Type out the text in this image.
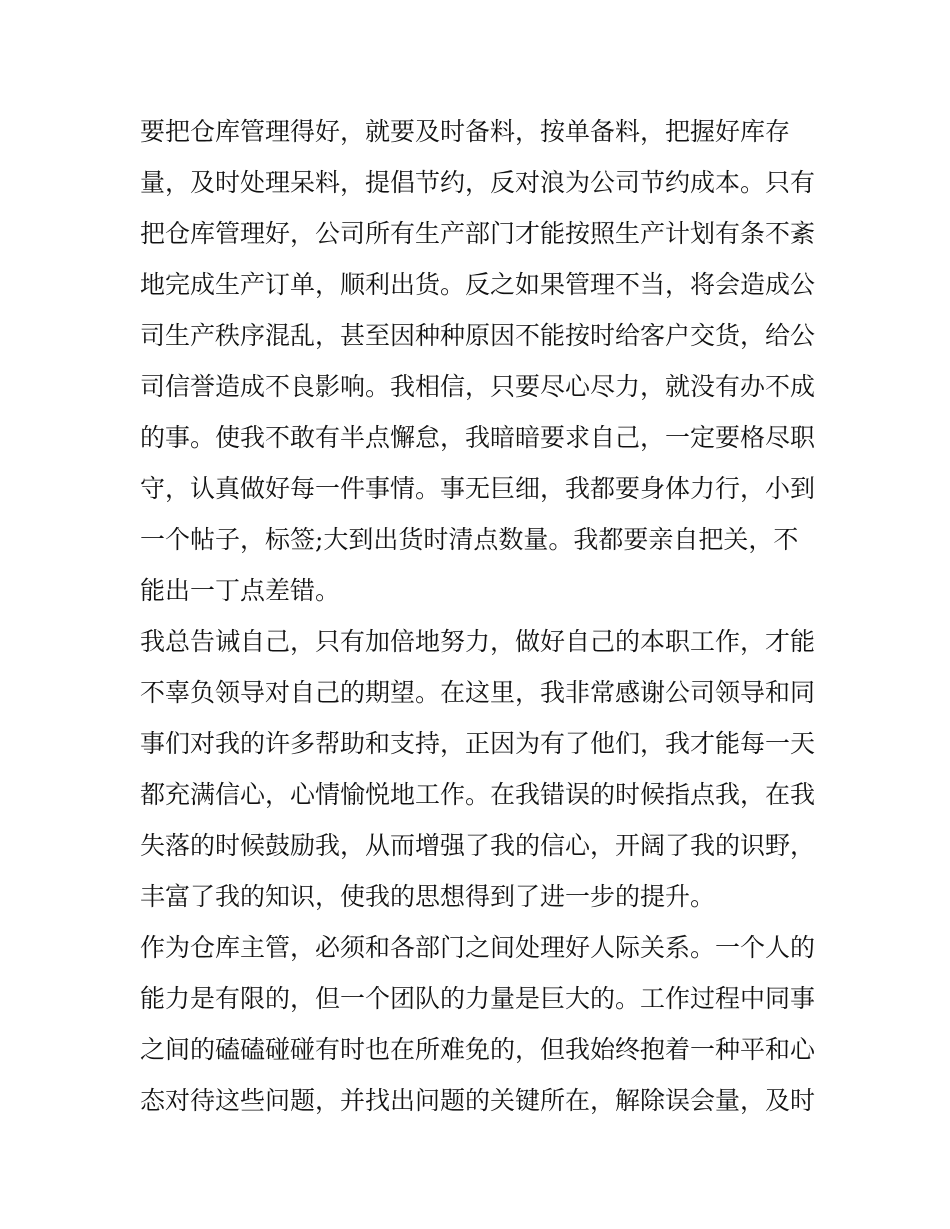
要把仓库管理得好，就要及时备料，按单备料，把握好库存
量，及时处理呆料，提倡节约，反对浪为公司节约成本。只有
把仓库管理好，公司所有生产部门才能按照生产计划有条不紊
地完成生产订单，顺利出货。反之如果管理不当，将会造成公
司生产秩序混乱，甚至因种种原因不能按时给客户交货，给公
司信誉造成不良影响。我相信，只要尽心尽力，就没有办不成
的事。使我不敢有半点懈怠，我暗暗要求自己，一定要格尽职
守，认真做好每一件事情。事无巨细，我都要身体力行，小到
一个帖子，标签;大到出货时清点数量。我都要亲自把关，不
能出一丁点差错。
我总告诫自己，只有加倍地努力，做好自己的本职工作，才能
不辜负领导对自己的期望。在这里，我非常感谢公司领导和同
事们对我的许多帮助和支持，正因为有了他们，我才能每一天
都充满信心，心情愉悦地工作。在我错误的时候指点我，在我
失落的时候鼓励我，从而增强了我的信心，开阔了我的识野，
丰富了我的知识，使我的思想得到了进一步的提升。
作为仓库主管，必须和各部门之间处理好人际关系。一个人的
能力是有限的，但一个团队的力量是巨大的。工作过程中同事
之间的磕磕碰碰有时也在所难免的，但我始终抱着一种平和心
态对待这些问题，并找出问题的关键所在，解除误会量，及时
